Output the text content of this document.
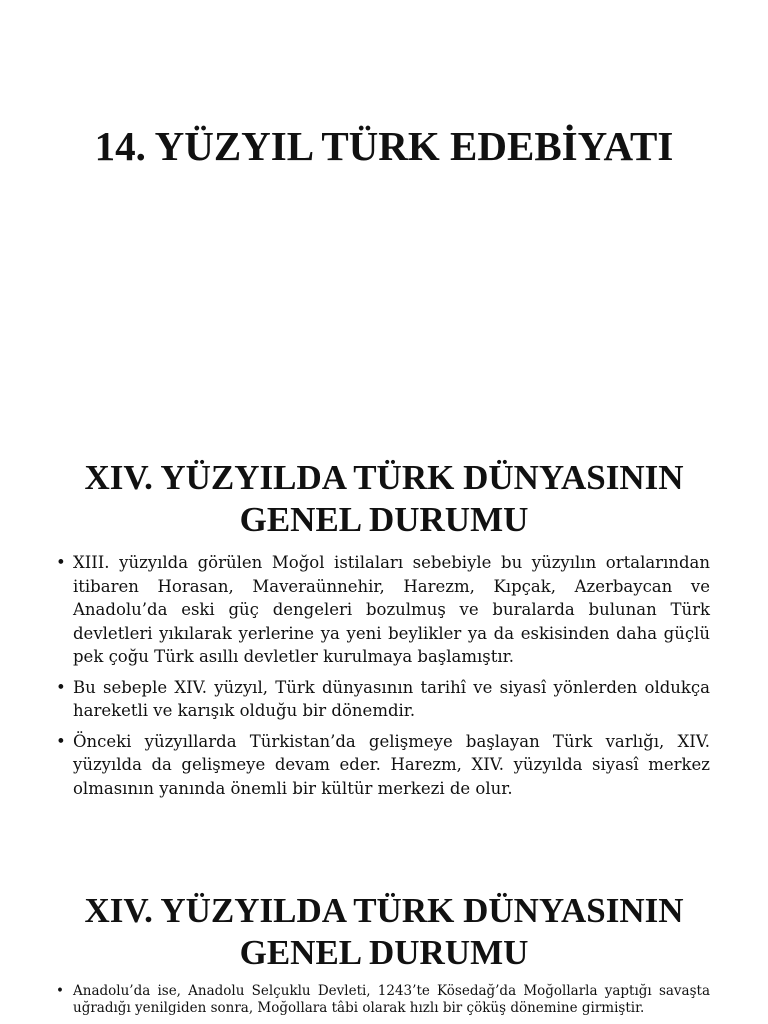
14. YÜZYIL TÜRK EDEBİYATI
XIV. YÜZYILDA TÜRK DÜNYASININ
GENEL DURUMU
• XIII. yüzyılda görülen Moğol istilaları sebebiyle bu yüzyılın ortalarından itibaren Horasan, Maveraünnehir, Harezm, Kıpçak, Azerbaycan ve Anadolu’da eski güç dengeleri bozulmuş ve buralarda bulunan Türk devletleri yıkılarak yerlerine ya yeni beylikler ya da eskisinden daha güçlü pek çoğu Türk asıllı devletler kurulmaya başlamıştır.
• Bu sebeple XIV. yüzyıl, Türk dünyasının tarihî ve siyasî yönlerden oldukça hareketli ve karışık olduğu bir dönemdir.
• Önceki yüzyıllarda Türkistan’da gelişmeye başlayan Türk varlığı, XIV. yüzyılda da gelişmeye devam eder. Harezm, XIV. yüzyılda siyasî merkez olmasının yanında önemli bir kültür merkezi de olur.
XIV. YÜZYILDA TÜRK DÜNYASININ
GENEL DURUMU
• Anadolu’da ise, Anadolu Selçuklu Devleti, 1243’te Kösedağ’da Moğollarla yaptığı savaşta uğradığı yenilgiden sonra, Moğollara tâbi olarak hızlı bir çöküş dönemine girmiştir.
